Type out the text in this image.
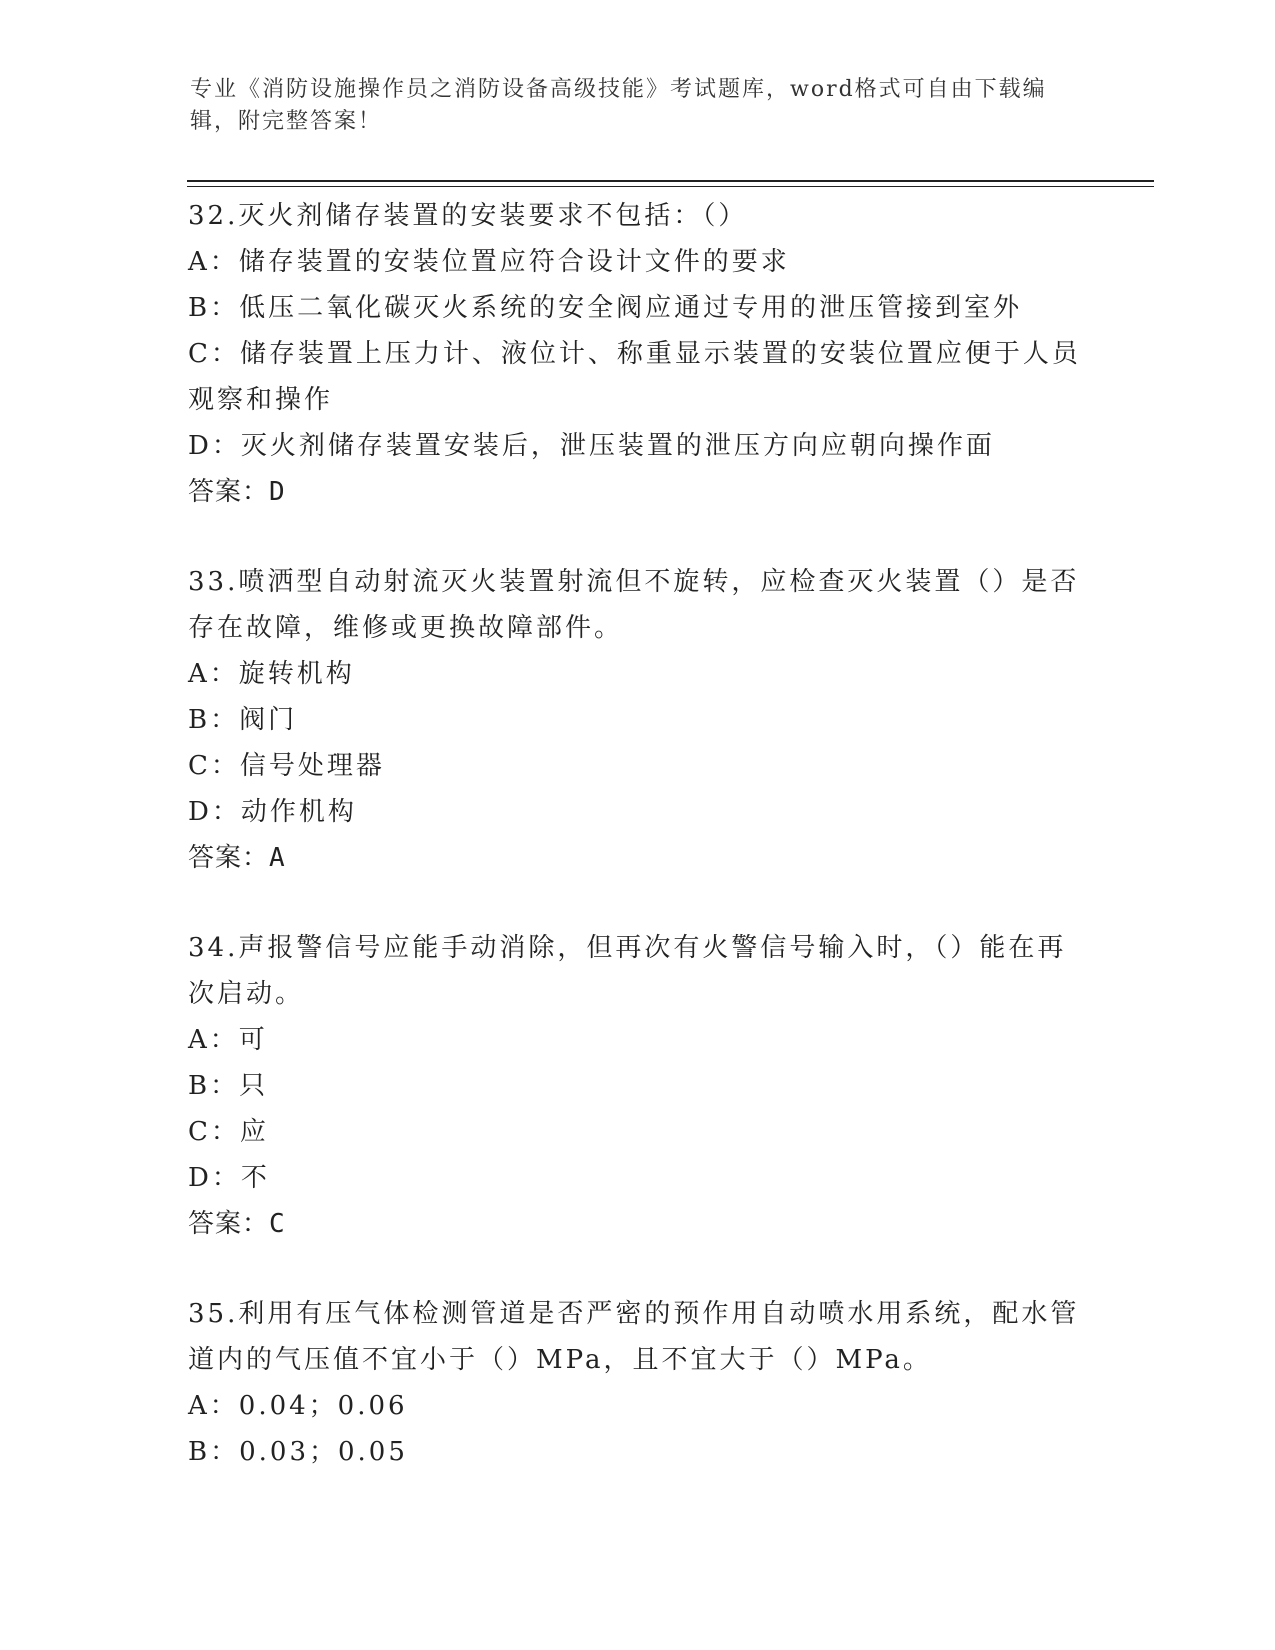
专业《消防设施操作员之消防设备高级技能》考试题库，word格式可自由下载编辑，附完整答案！
32.灭火剂储存装置的安装要求不包括：（）
A：储存装置的安装位置应符合设计文件的要求
B：低压二氧化碳灭火系统的安全阀应通过专用的泄压管接到室外
C：储存装置上压力计、液位计、称重显示装置的安装位置应便于人员观察和操作
D：灭火剂储存装置安装后，泄压装置的泄压方向应朝向操作面
答案：D
33.喷洒型自动射流灭火装置射流但不旋转，应检查灭火装置（）是否存在故障，维修或更换故障部件。
A：旋转机构
B：阀门
C：信号处理器
D：动作机构
答案：A
34.声报警信号应能手动消除，但再次有火警信号输入时，（）能在再次启动。
A：可
B：只
C：应
D：不
答案：C
35.利用有压气体检测管道是否严密的预作用自动喷水用系统，配水管道内的气压值不宜小于（）MPa，且不宜大于（）MPa。
A：0.04；0.06
B：0.03；0.05
